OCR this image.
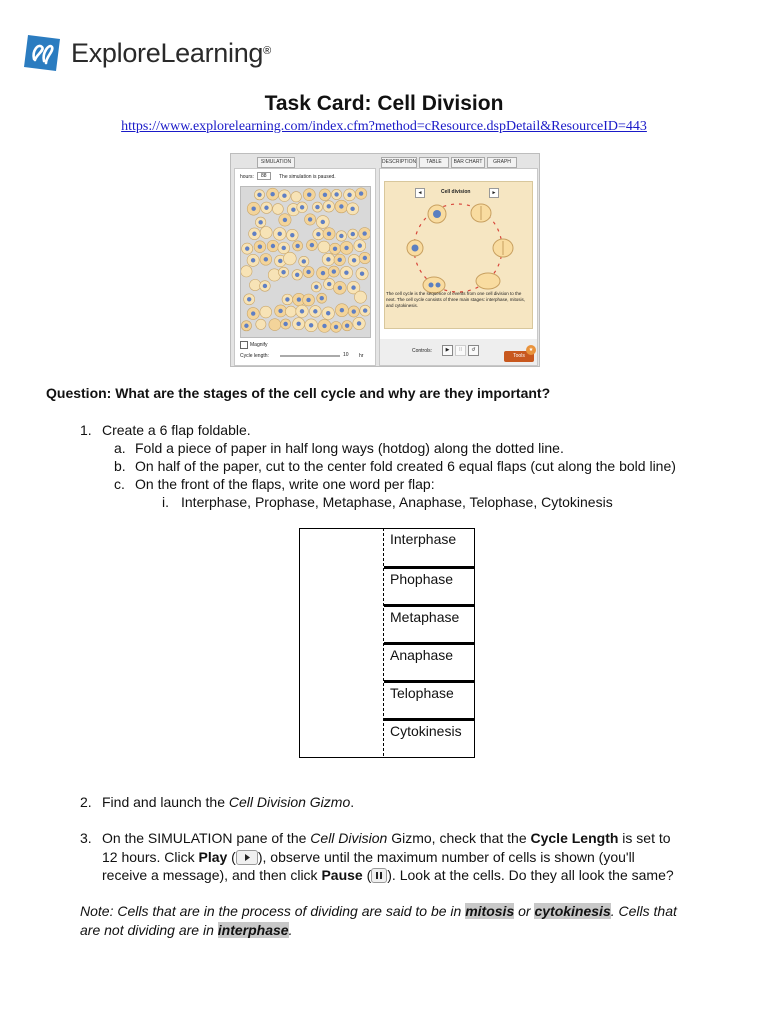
ExploreLearning ®
Task Card: Cell Division
https://www.explorelearning.com/index.cfm?method=cResource.dspDetail&ResourceID=443
SIMULATION	DESCRIPTION	TABLE	BAR CHART	GRAPH
hours:	88	The simulation is paused.
Magnify
Cycle length:	10 hr
◄	Cell division	►
The cell cycle is the sequence of events from one cell division to the next. The cell cycle consists of three main stages: interphase, mitosis, and cytokinesis.
Controls:	▶	II	↺
Tools
★
Question: What are the stages of the cell cycle and why are they important?
1. Create a 6 flap foldable.
a. Fold a piece of paper in half long ways (hotdog) along the dotted line.
b. On half of the paper, cut to the center fold created 6 equal flaps (cut along the bold line)
c. On the front of the flaps, write one word per flap:
i. Interphase, Prophase, Metaphase, Anaphase, Telophase, Cytokinesis
Interphase
Phophase
Metaphase
Anaphase
Telophase
Cytokinesis
2. Find and launch the Cell Division Gizmo.
3. On the SIMULATION pane of the Cell Division Gizmo, check that the Cycle Length is set to
12 hours. Click Play ( ), observe until the maximum number of cells is shown (you'll
receive a message), and then click Pause ( ). Look at the cells. Do they all look the same?
Note: Cells that are in the process of dividing are said to be in mitosis or cytokinesis. Cells that
are not dividing are in interphase.
